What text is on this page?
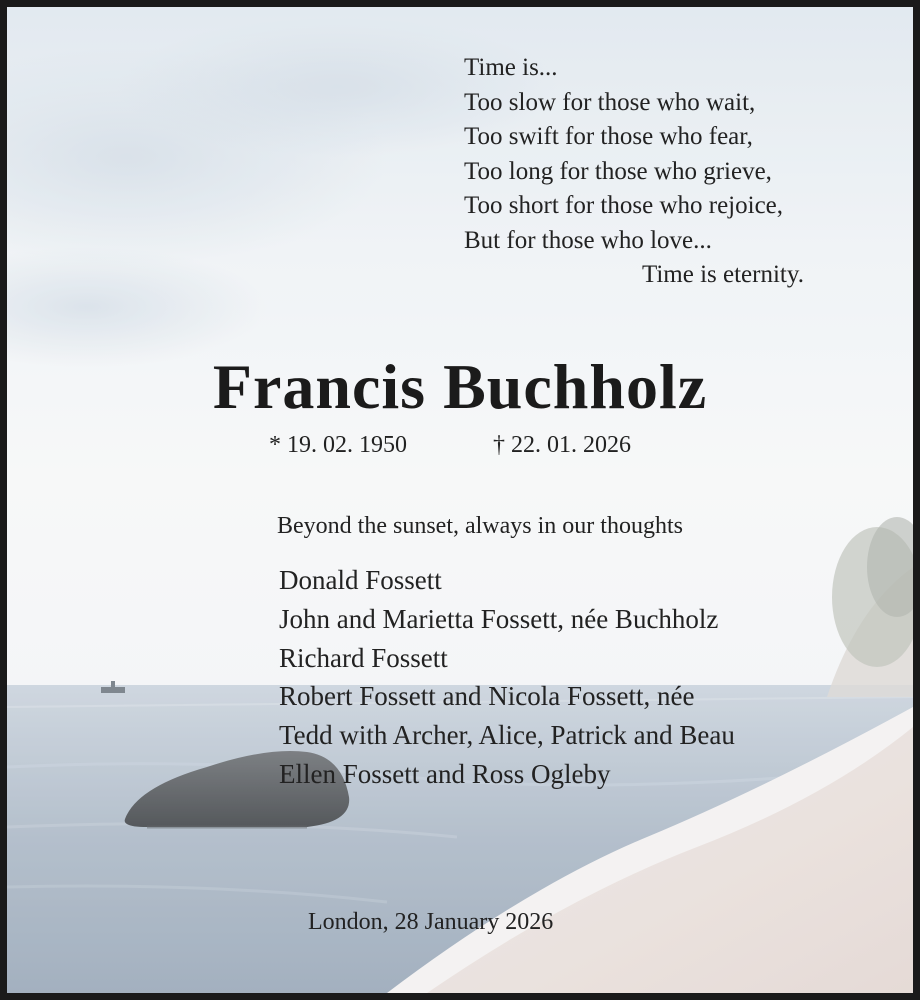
Time is...
Too slow for those who wait,
Too swift for those who fear,
Too long for those who grieve,
Too short for those who rejoice,
But for those who love...
Time is eternity.
Francis Buchholz
* 19. 02. 1950	† 22. 01. 2026
Beyond the sunset, always in our thoughts
Donald Fossett
John and Marietta Fossett, née Buchholz
Richard Fossett
Robert Fossett and Nicola Fossett, née
Tedd with Archer, Alice, Patrick and Beau
Ellen Fossett and Ross Ogleby
London, 28 January 2026
